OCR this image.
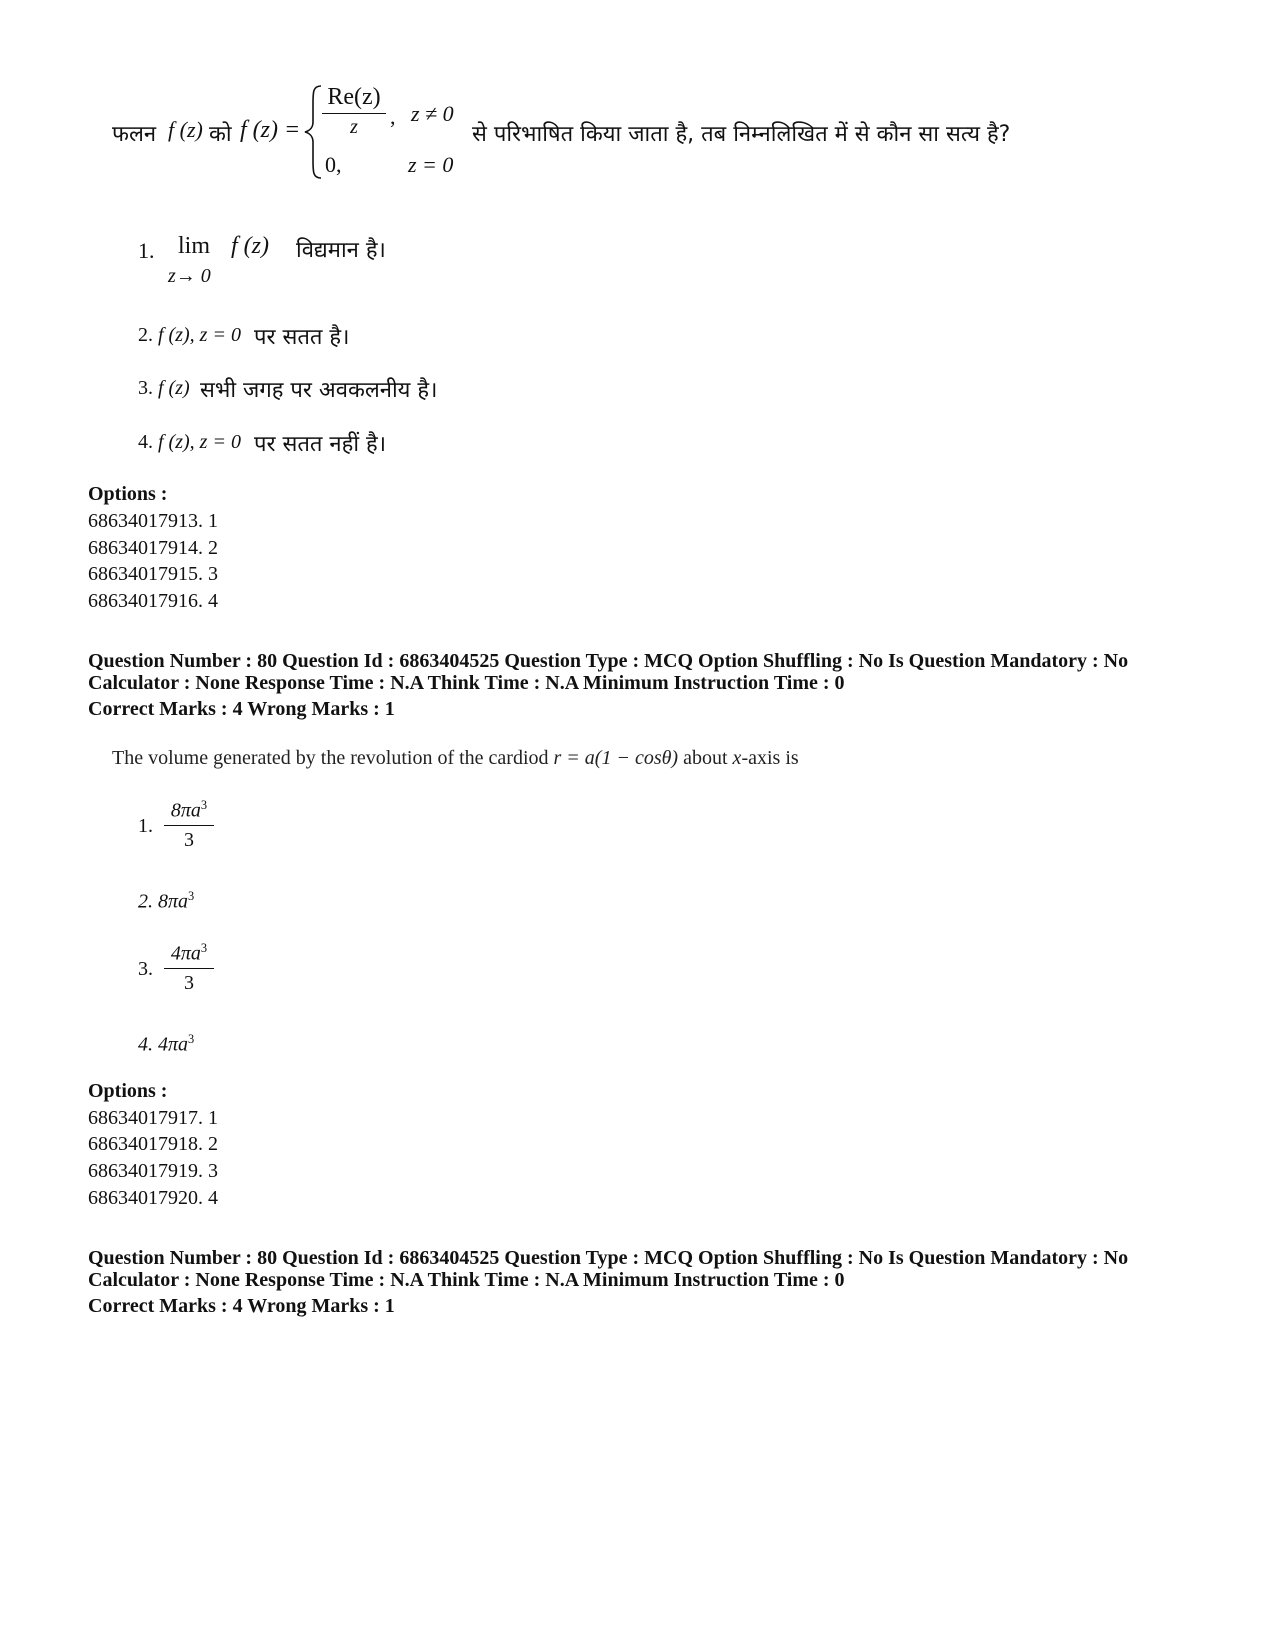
फलन f (z) को f (z) =
Re(z)
z	, z ≠ 0
0,	z = 0
से परिभाषित किया जाता है, तब निम्नलिखित में से कौन सा सत्य है?
1. lim
z→ 0
f (z) विद्यमान है।
2. f (z), z = 0 पर सतत है।
3. f (z) सभी जगह पर अवकलनीय है।
4. f (z), z = 0 पर सतत नहीं है।
Options :
68634017913. 1
68634017914. 2
68634017915. 3
68634017916. 4
Question Number : 80 Question Id : 6863404525 Question Type : MCQ Option Shuffling : No Is Question Mandatory : No
Calculator : None Response Time : N.A Think Time : N.A Minimum Instruction Time : 0
Correct Marks : 4 Wrong Marks : 1
The volume generated by the revolution of the cardiod r = a(1 − cosθ) about x-axis is
1.
$8\pi a^3$
3
2. $8\pi a^3$
3.
$4\pi a^3$
3
4. $4\pi a^3$
Options :
68634017917. 1
68634017918. 2
68634017919. 3
68634017920. 4
Question Number : 80 Question Id : 6863404525 Question Type : MCQ Option Shuffling : No Is Question Mandatory : No
Calculator : None Response Time : N.A Think Time : N.A Minimum Instruction Time : 0
Correct Marks : 4 Wrong Marks : 1
